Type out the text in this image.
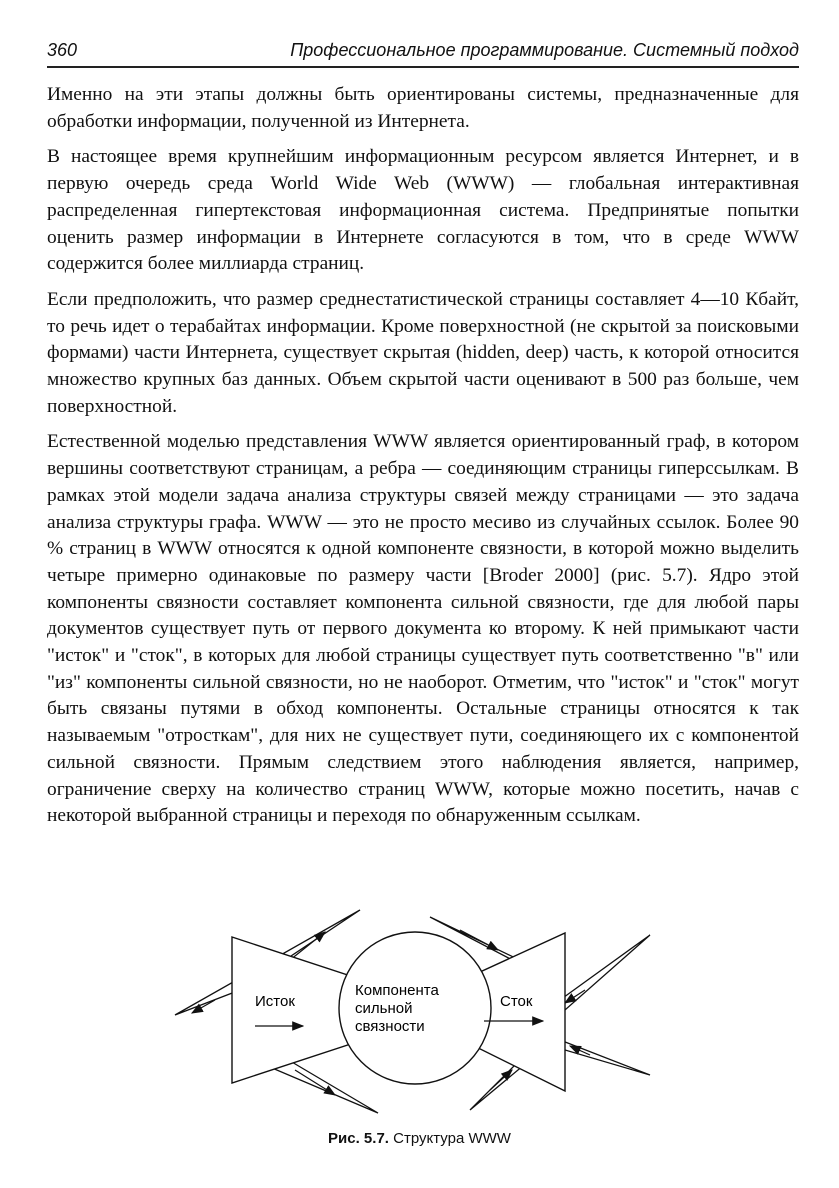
360	Профессиональное программирование. Системный подход

Именно на эти этапы должны быть ориентированы системы, предназначенные для обработки информации, полученной из Интернета.

В настоящее время крупнейшим информационным ресурсом является Интернет, и в первую очередь среда World Wide Web (WWW) — глобальная интерактивная распределенная гипертекстовая информационная система. Предпринятые попытки оценить размер информации в Интернете согласуются в том, что в среде WWW содержится более миллиарда страниц.

Если предположить, что размер среднестатистической страницы составляет 4—10 Кбайт, то речь идет о терабайтах информации. Кроме поверхностной (не скрытой за поисковыми формами) части Интернета, существует скрытая (hidden, deep) часть, к которой относится множество крупных баз данных. Объем скрытой части оценивают в 500 раз больше, чем поверхностной.

Естественной моделью представления WWW является ориентированный граф, в котором вершины соответствуют страницам, а ребра — соединяющим страницы гиперссылкам. В рамках этой модели задача анализа структуры связей между страницами — это задача анализа структуры графа. WWW — это не просто месиво из случайных ссылок. Более 90 % страниц в WWW относятся к одной компоненте связности, в которой можно выделить четыре примерно одинаковые по размеру части [Broder 2000] (рис. 5.7). Ядро этой компоненты связности составляет компонента сильной связности, где для любой пары документов существует путь от первого документа ко второму. К ней примыкают части "исток" и "сток", в которых для любой страницы существует путь соответственно "в" или "из" компоненты сильной связности, но не наоборот. Отметим, что "исток" и "сток" могут быть связаны путями в обход компоненты. Остальные страницы относятся к так называемым "отросткам", для них не существует пути, соединяющего их с компонентой сильной связности. Прямым следствием этого наблюдения является, например, ограничение сверху на количество страниц WWW, которые можно посетить, начав с некоторой выбранной страницы и переходя по обнаруженным ссылкам.

Исток
Компонента
сильной
связности
Сток
Рис. 5.7. Структура WWW
